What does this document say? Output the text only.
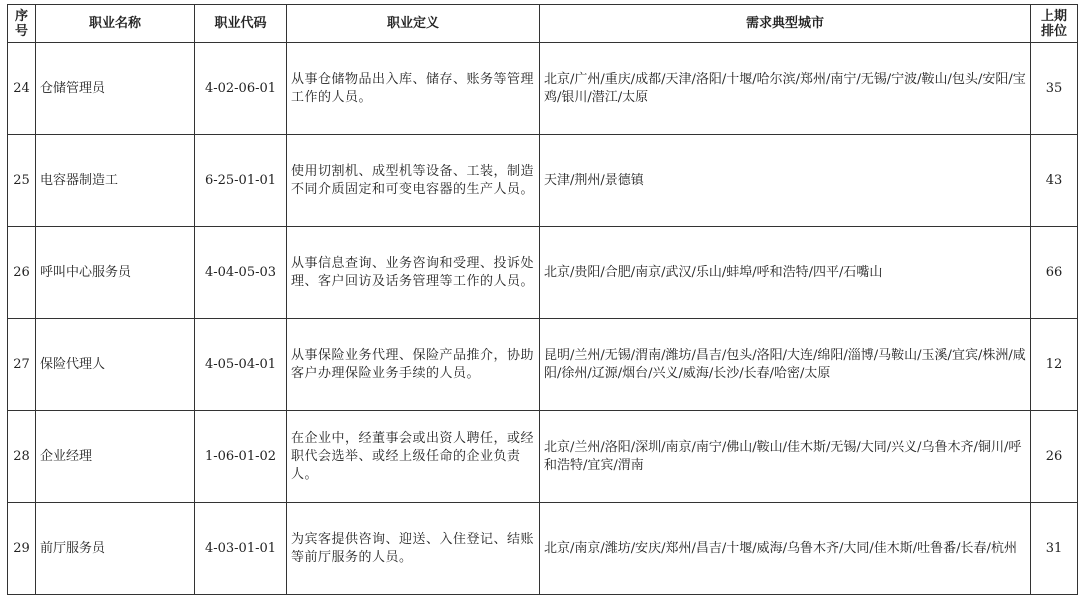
序号	职业名称	职业代码	职业定义	需求典型城市	上期排位
24	仓储管理员	4-02-06-01	从事仓储物品出入库、储存、账务等管理工作的人员。	北京/广州/重庆/成都/天津/洛阳/十堰/哈尔滨/郑州/南宁/无锡/宁波/鞍山/包头/安阳/宝鸡/银川/潜江/太原	35
25	电容器制造工	6-25-01-01	使用切割机、成型机等设备、工装，制造不同介质固定和可变电容器的生产人员。	天津/荆州/景德镇	43
26	呼叫中心服务员	4-04-05-03	从事信息查询、业务咨询和受理、投诉处理、客户回访及话务管理等工作的人员。	北京/贵阳/合肥/南京/武汉/乐山/蚌埠/呼和浩特/四平/石嘴山	66
27	保险代理人	4-05-04-01	从事保险业务代理、保险产品推介，协助客户办理保险业务手续的人员。	昆明/兰州/无锡/渭南/潍坊/昌吉/包头/洛阳/大连/绵阳/淄博/马鞍山/玉溪/宜宾/株洲/咸阳/徐州/辽源/烟台/兴义/威海/长沙/长春/哈密/太原	12
28	企业经理	1-06-01-02	在企业中，经董事会或出资人聘任，或经职代会选举、或经上级任命的企业负责人。	北京/兰州/洛阳/深圳/南京/南宁/佛山/鞍山/佳木斯/无锡/大同/兴义/乌鲁木齐/铜川/呼和浩特/宜宾/渭南	26
29	前厅服务员	4-03-01-01	为宾客提供咨询、迎送、入住登记、结账等前厅服务的人员。	北京/南京/潍坊/安庆/郑州/昌吉/十堰/威海/乌鲁木齐/大同/佳木斯/吐鲁番/长春/杭州	31
